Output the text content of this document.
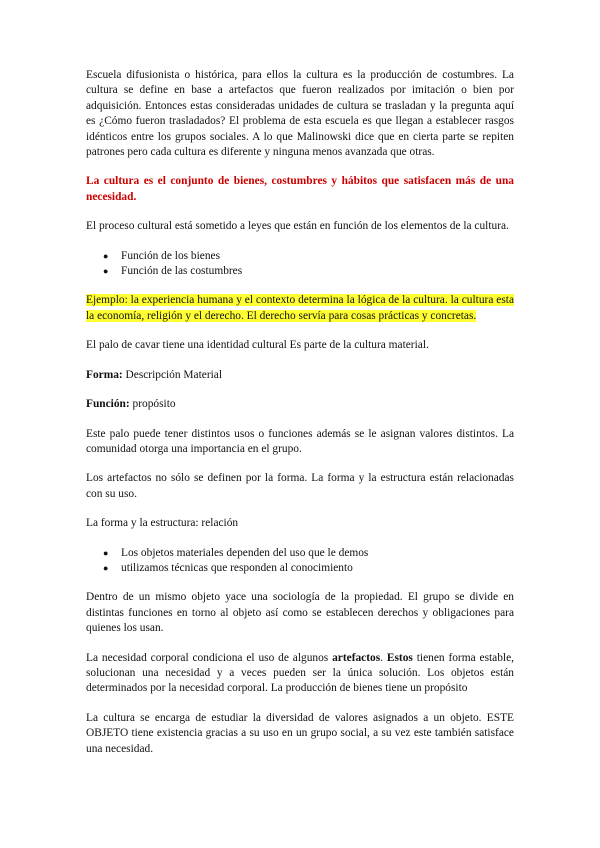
Escuela difusionista o histórica, para ellos la cultura es la producción de costumbres. La cultura se define en base a artefactos que fueron realizados por imitación o bien por adquisición. Entonces estas consideradas unidades de cultura se trasladan y la pregunta aquí es ¿Cómo fueron trasladados? El problema de esta escuela es que llegan a establecer rasgos idénticos entre los grupos sociales. A lo que Malinowski dice que en cierta parte se repiten patrones pero cada cultura es diferente y ninguna menos avanzada que otras.

La cultura es el conjunto de bienes, costumbres y hábitos que satisfacen más de una necesidad.

El proceso cultural está sometido a leyes que están en función de los elementos de la cultura.

● Función de los bienes
● Función de las costumbres

Ejemplo: la experiencia humana y el contexto determina la lógica de la cultura. la cultura esta la economía, religión y el derecho. El derecho servía para cosas prácticas y concretas.

El palo de cavar tiene una identidad cultural Es parte de la cultura material.

Forma: Descripción Material

Función: propósito

Este palo puede tener distintos usos o funciones además se le asignan valores distintos. La comunidad otorga una importancia en el grupo.

Los artefactos no sólo se definen por la forma. La forma y la estructura están relacionadas con su uso.

La forma y la estructura: relación

● Los objetos materiales dependen del uso que le demos
● utilizamos técnicas que responden al conocimiento

Dentro de un mismo objeto yace una sociología de la propiedad. El grupo se divide en distintas funciones en torno al objeto así como se establecen derechos y obligaciones para quienes los usan.

La necesidad corporal condiciona el uso de algunos artefactos. Estos tienen forma estable, solucionan una necesidad y a veces pueden ser la única solución. Los objetos están determinados por la necesidad corporal. La producción de bienes tiene un propósito

La cultura se encarga de estudiar la diversidad de valores asignados a un objeto. ESTE OBJETO tiene existencia gracias a su uso en un grupo social, a su vez este también satisface una necesidad.
